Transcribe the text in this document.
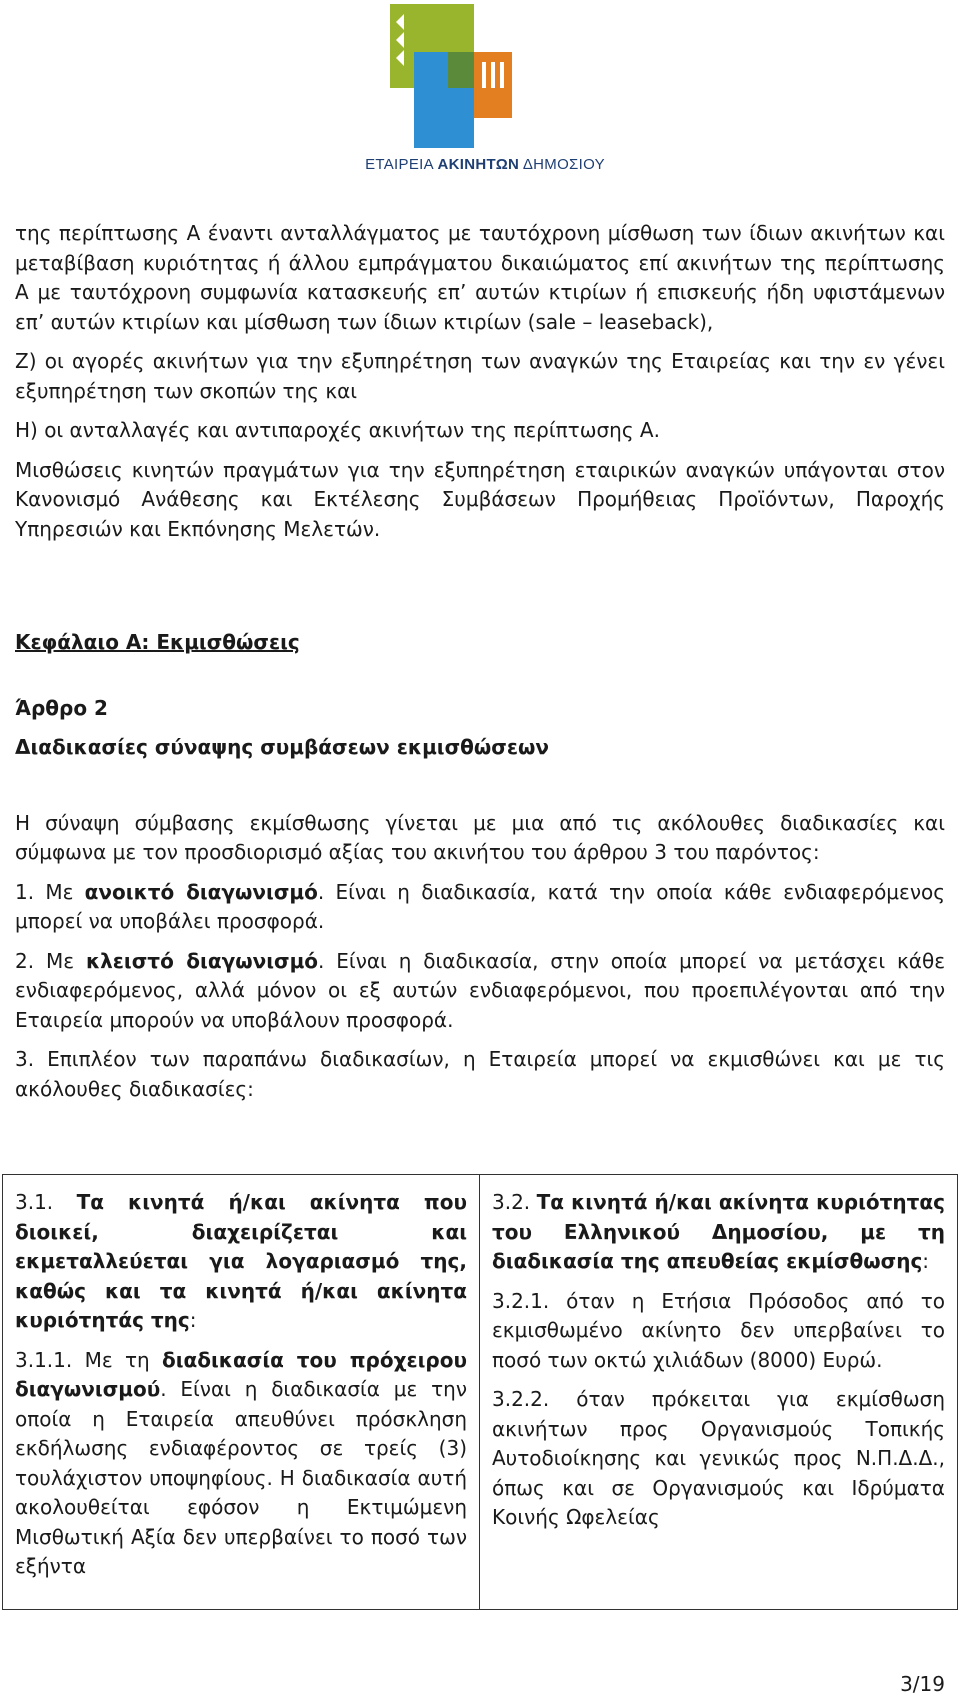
ΕΤΑΙΡΕΙΑ ΑΚΙΝΗΤΩΝ ΔΗΜΟΣΙΟΥ

της περίπτωσης Α έναντι ανταλλάγματος με ταυτόχρονη μίσθωση των ίδιων ακινήτων και μεταβίβαση κυριότητας ή άλλου εμπράγματου δικαιώματος επί ακινήτων της περίπτωσης Α με ταυτόχρονη συμφωνία κατασκευής επ’ αυτών κτιρίων ή επισκευής ήδη υφιστάμενων επ’ αυτών κτιρίων και μίσθωση των ίδιων κτιρίων (sale – leaseback),

Ζ) οι αγορές ακινήτων για την εξυπηρέτηση των αναγκών της Εταιρείας και την εν γένει εξυπηρέτηση των σκοπών της και

Η) οι ανταλλαγές και αντιπαροχές ακινήτων της περίπτωσης Α.

Μισθώσεις κινητών πραγμάτων για την εξυπηρέτηση εταιρικών αναγκών υπάγονται στον Κανονισμό Ανάθεσης και Εκτέλεσης Συμβάσεων Προμήθειας Προϊόντων, Παροχής Υπηρεσιών και Εκπόνησης Μελετών.

Κεφάλαιο Α: Εκμισθώσεις

Άρθρο 2

Διαδικασίες σύναψης συμβάσεων εκμισθώσεων

Η σύναψη σύμβασης εκμίσθωσης γίνεται με μια από τις ακόλουθες διαδικασίες και σύμφωνα με τον προσδιορισμό αξίας του ακινήτου του άρθρου 3 του παρόντος:

1. Με ανοικτό διαγωνισμό. Είναι η διαδικασία, κατά την οποία κάθε ενδιαφερόμενος μπορεί να υποβάλει προσφορά.

2. Με κλειστό διαγωνισμό. Είναι η διαδικασία, στην οποία μπορεί να μετάσχει κάθε ενδιαφερόμενος, αλλά μόνον οι εξ αυτών ενδιαφερόμενοι, που προεπιλέγονται από την Εταιρεία μπορούν να υποβάλουν προσφορά.

3. Επιπλέον των παραπάνω διαδικασίων, η Εταιρεία μπορεί να εκμισθώνει και με τις ακόλουθες διαδικασίες:

3.1. Τα κινητά ή/και ακίνητα που διοικεί, διαχειρίζεται και εκμεταλλεύεται για λογαριασμό της, καθώς και τα κινητά ή/και ακίνητα κυριότητάς της:

3.1.1. Με τη διαδικασία του πρόχειρου διαγωνισμού. Είναι η διαδικασία με την οποία η Εταιρεία απευθύνει πρόσκληση εκδήλωσης ενδιαφέροντος σε τρείς (3) τουλάχιστον υποψηφίους. Η διαδικασία αυτή ακολουθείται εφόσον η Εκτιμώμενη Μισθωτική Αξία δεν υπερβαίνει το ποσό των εξήντα

3.2. Τα κινητά ή/και ακίνητα κυριότητας του Ελληνικού Δημοσίου, με τη διαδικασία της απευθείας εκμίσθωσης:

3.2.1. όταν η Ετήσια Πρόσοδος από το εκμισθωμένο ακίνητο δεν υπερβαίνει το ποσό των οκτώ χιλιάδων (8000) Ευρώ.

3.2.2. όταν πρόκειται για εκμίσθωση ακινήτων προς Οργανισμούς Τοπικής Αυτοδιοίκησης και γενικώς προς Ν.Π.Δ.Δ., όπως και σε Οργανισμούς και Ιδρύματα Κοινής Ωφελείας

3/19
